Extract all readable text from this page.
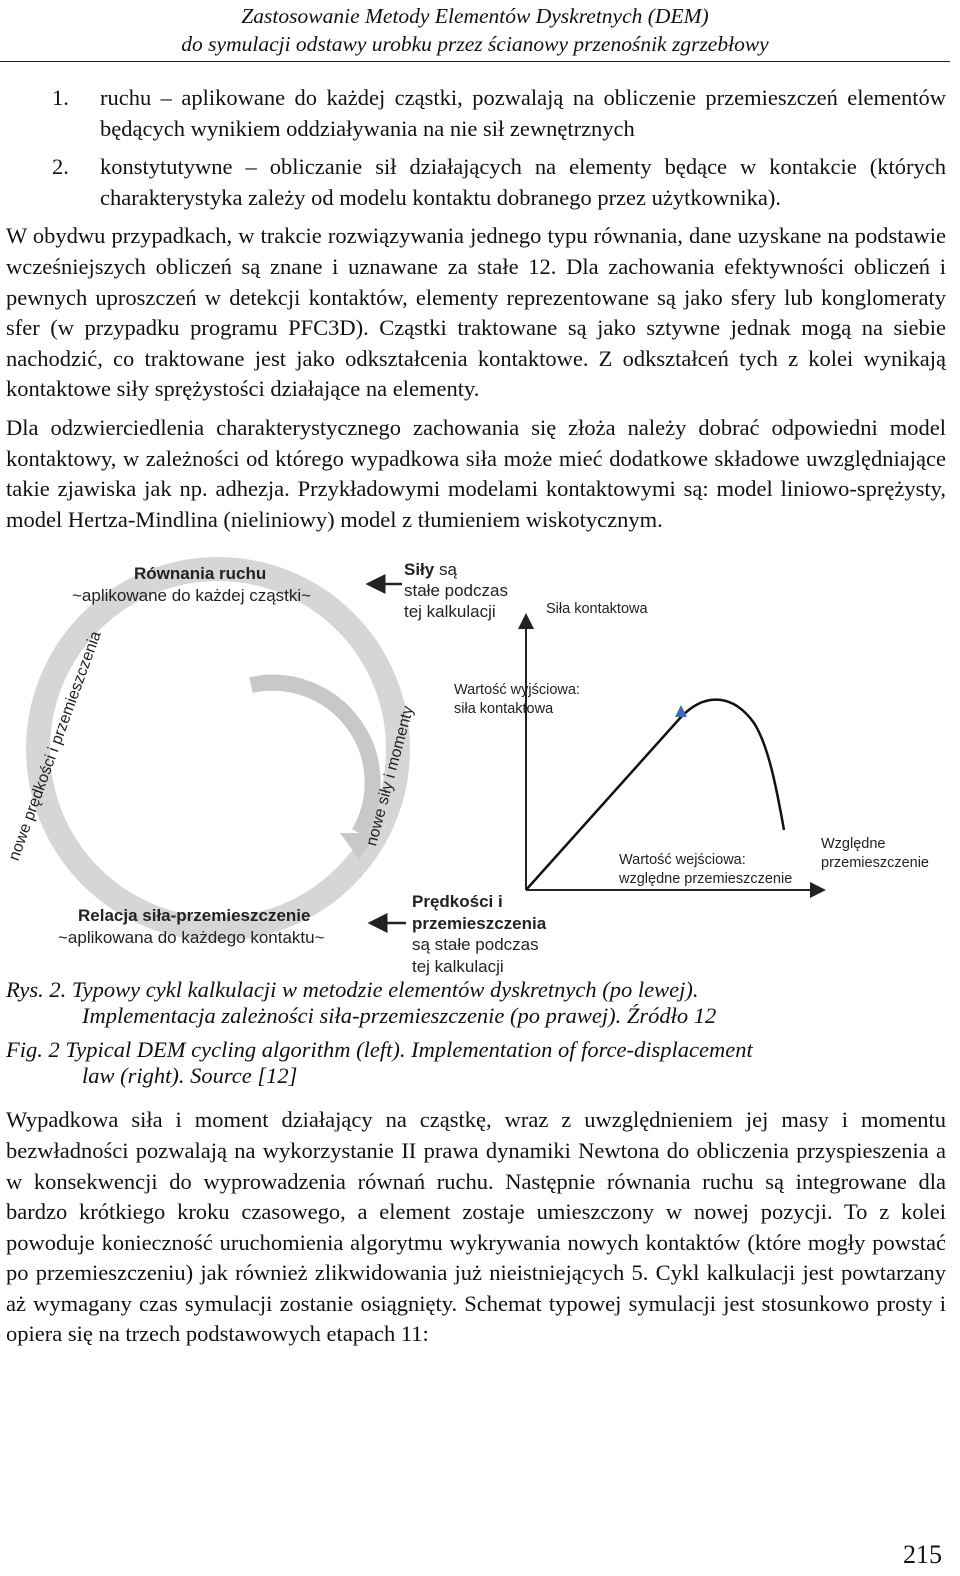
Zastosowanie Metody Elementów Dyskretnych (DEM)
do symulacji odstawy urobku przez ścianowy przenośnik zgrzebłowy
1. ruchu – aplikowane do każdej cząstki, pozwalają na obliczenie przemieszczeń elementów będących wynikiem oddziaływania na nie sił zewnętrznych
2. konstytutywne – obliczanie sił działających na elementy będące w kontakcie (których charakterystyka zależy od modelu kontaktu dobranego przez użytkownika).

W obydwu przypadkach, w trakcie rozwiązywania jednego typu równania, dane uzyskane na podstawie wcześniejszych obliczeń są znane i uznawane za stałe 12. Dla zachowania efektywności obliczeń i pewnych uproszczeń w detekcji kontaktów, elementy reprezentowane są jako sfery lub konglomeraty sfer (w przypadku programu PFC3D). Cząstki traktowane są jako sztywne jednak mogą na siebie nachodzić, co traktowane jest jako odkształcenia kontaktowe. Z odkształceń tych z kolei wynikają kontaktowe siły sprężystości działające na elementy.

Dla odzwierciedlenia charakterystycznego zachowania się złoża należy dobrać odpowiedni model kontaktowy, w zależności od którego wypadkowa siła może mieć dodatkowe składowe uwzględniające takie zjawiska jak np. adhezja. Przykładowymi modelami kontaktowymi są: model liniowo-sprężysty, model Hertza-Mindlina (nieliniowy) model z tłumieniem wiskotycznym.

Równania ruchu
~aplikowane do każdej cząstki~
Siły są
stałe podczas
tej kalkulacji
nowe prędkości i przemieszczenia	nowe siły i momenty
Relacja siła-przemieszczenie
~aplikowana do każdego kontaktu~
Prędkości i
przemieszczenia
są stałe podczas
tej kalkulacji
Siła kontaktowa
Wartość wyjściowa:
siła kontaktowa
Wartość wejściowa:
względne przemieszczenie
Względne
przemieszczenie
Rys. 2. Typowy cykl kalkulacji w metodzie elementów dyskretnych (po lewej).
Implementacja zależności siła-przemieszczenie (po prawej). Źródło 12
Fig. 2 Typical DEM cycling algorithm (left). Implementation of force-displacement
law (right). Source [12]

Wypadkowa siła i moment działający na cząstkę, wraz z uwzględnieniem jej masy i momentu bezwładności pozwalają na wykorzystanie II prawa dynamiki Newtona do obliczenia przyspieszenia a w konsekwencji do wyprowadzenia równań ruchu. Następnie równania ruchu są integrowane dla bardzo krótkiego kroku czasowego, a element zostaje umieszczony w nowej pozycji. To z kolei powoduje konieczność uruchomienia algorytmu wykrywania nowych kontaktów (które mogły powstać po przemieszczeniu) jak również zlikwidowania już nieistniejących 5. Cykl kalkulacji jest powtarzany aż wymagany czas symulacji zostanie osiągnięty. Schemat typowej symulacji jest stosunkowo prosty i opiera się na trzech podstawowych etapach 11:

215
